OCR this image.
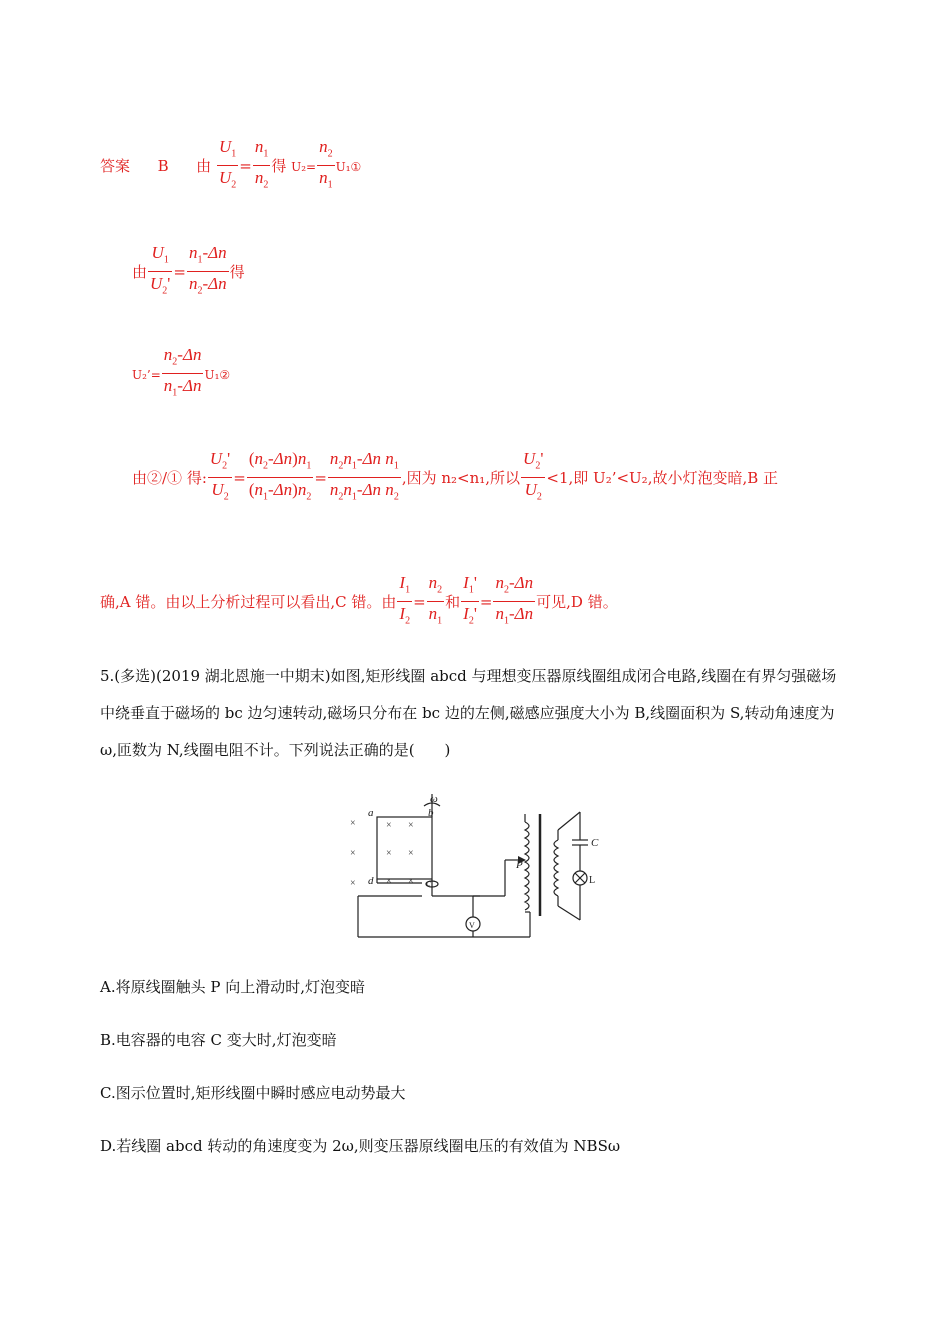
答案 B 由 $\frac{U_1}{U_2} = \frac{n_1}{n_2}$ 得 $U_2= \frac{n_2}{n_1}$ U₁①
由 $\frac{U_1}{U_2'} = \frac{n_1-\Delta n}{n_2-\Delta n}$ 得
U₂’= $\frac{n_2-\Delta n}{n_1-\Delta n}$ U₁②
由②/① 得: $\frac{U_2'}{U_2} = \frac{(n_2-\Delta n)n_1}{(n_1-\Delta n)n_2} = \frac{n_2n_1-\Delta n n_1}{n_2n_1-\Delta n n_2}$ ,因为 n₂<n₁,所以 $\frac{U_2'}{U_2} <1$,即 U₂’<U₂,故小灯泡变暗,B 正
确,A 错。由以上分析过程可以看出,C 错。由 $\frac{I_1}{I_2} = \frac{n_2}{n_1}$ 和 $\frac{I_1'}{I_2'} = \frac{n_2-\Delta n}{n_1-\Delta n}$ 可见,D 错。
5.(多选)(2019 湖北恩施一中期末)如图,矩形线圈 abcd 与理想变压器原线圈组成闭合电路,线圈在有界匀强磁场中绕垂直于磁场的 bc 边匀速转动,磁场只分布在 bc 边的左侧,磁感应强度大小为 B,线圈面积为 S,转动角速度为 ω,匝数为 N,线圈电阻不计。下列说法正确的是(　　)
a	b
d	c
ω
P
C
L
V
×
×
×
× ×
× ×
× ×
A.将原线圈触头 P 向上滑动时,灯泡变暗
B.电容器的电容 C 变大时,灯泡变暗
C.图示位置时,矩形线圈中瞬时感应电动势最大
D.若线圈 abcd 转动的角速度变为 2ω,则变压器原线圈电压的有效值为 NBSω
